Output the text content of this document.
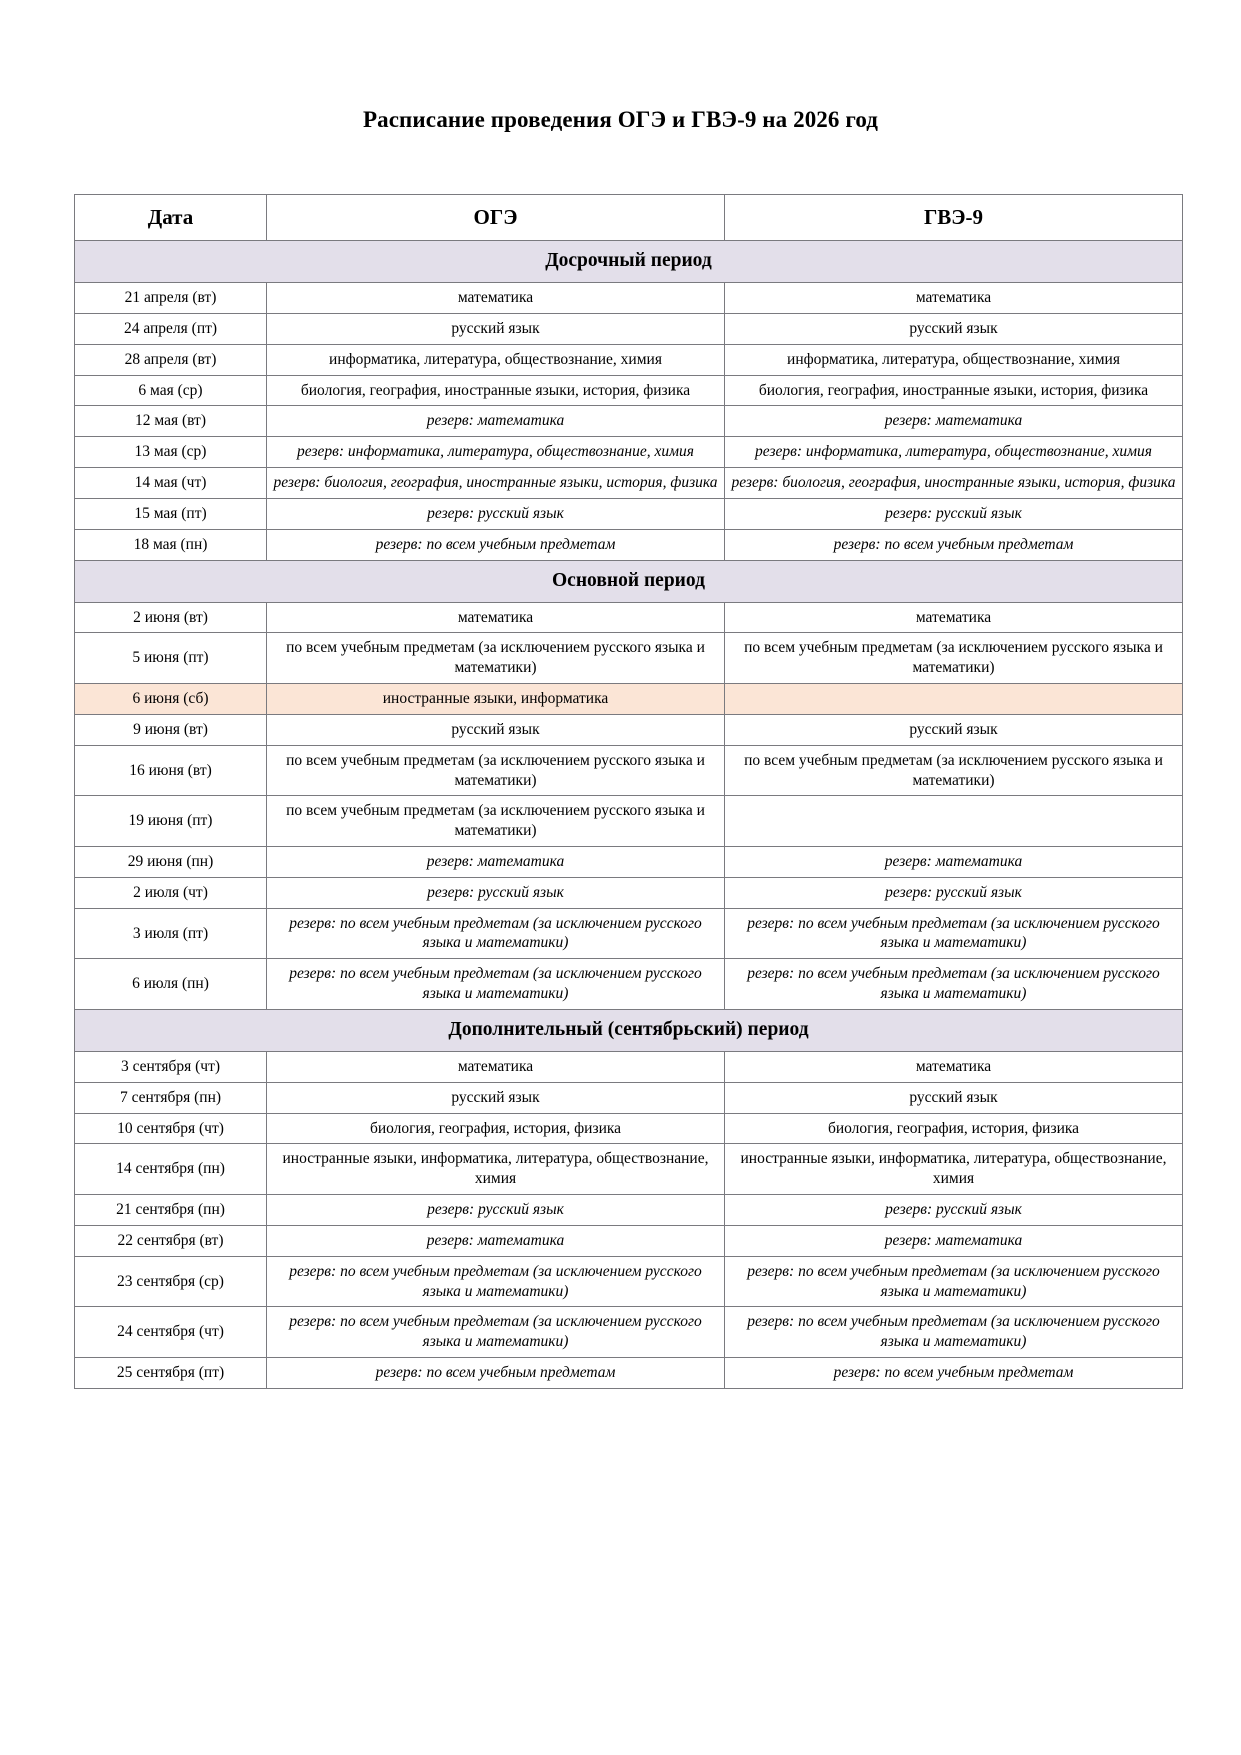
Расписание проведения ОГЭ и ГВЭ-9 на 2026 год
Дата	ОГЭ	ГВЭ-9
Досрочный период		
21 апреля (вт)	математика	математика
24 апреля (пт)	русский язык	русский язык
28 апреля (вт)	информатика, литература, обществознание, химия	информатика, литература, обществознание, химия
6 мая (ср)	биология, география, иностранные языки, история, физика	биология, география, иностранные языки, история, физика
12 мая (вт)	резерв: математика	резерв: математика
13 мая (ср)	резерв: информатика, литература, обществознание, химия	резерв: информатика, литература, обществознание, химия
14 мая (чт)	резерв: биология, география, иностранные языки, история, физика	резерв: биология, география, иностранные языки, история, физика
15 мая (пт)	резерв: русский язык	резерв: русский язык
18 мая (пн)	резерв: по всем учебным предметам	резерв: по всем учебным предметам
Основной период		
2 июня (вт)	математика	математика
5 июня (пт)	по всем учебным предметам (за исключением русского языка и математики)	по всем учебным предметам (за исключением русского языка и математики)
6 июня (сб)	иностранные языки, информатика	
9 июня (вт)	русский язык	русский язык
16 июня (вт)	по всем учебным предметам (за исключением русского языка и математики)	по всем учебным предметам (за исключением русского языка и математики)
19 июня (пт)	по всем учебным предметам (за исключением русского языка и математики)	
29 июня (пн)	резерв: математика	резерв: математика
2 июля (чт)	резерв: русский язык	резерв: русский язык
3 июля (пт)	резерв: по всем учебным предметам (за исключением русского языка и математики)	резерв: по всем учебным предметам (за исключением русского языка и математики)
6 июля (пн)	резерв: по всем учебным предметам (за исключением русского языка и математики)	резерв: по всем учебным предметам (за исключением русского языка и математики)
Дополнительный (сентябрьский) период		
3 сентября (чт)	математика	математика
7 сентября (пн)	русский язык	русский язык
10 сентября (чт)	биология, география, история, физика	биология, география, история, физика
14 сентября (пн)	иностранные языки, информатика, литература, обществознание, химия	иностранные языки, информатика, литература, обществознание, химия
21 сентября (пн)	резерв: русский язык	резерв: русский язык
22 сентября (вт)	резерв: математика	резерв: математика
23 сентября (ср)	резерв: по всем учебным предметам (за исключением русского языка и математики)	резерв: по всем учебным предметам (за исключением русского языка и математики)
24 сентября (чт)	резерв: по всем учебным предметам (за исключением русского языка и математики)	резерв: по всем учебным предметам (за исключением русского языка и математики)
25 сентября (пт)	резерв: по всем учебным предметам	резерв: по всем учебным предметам
